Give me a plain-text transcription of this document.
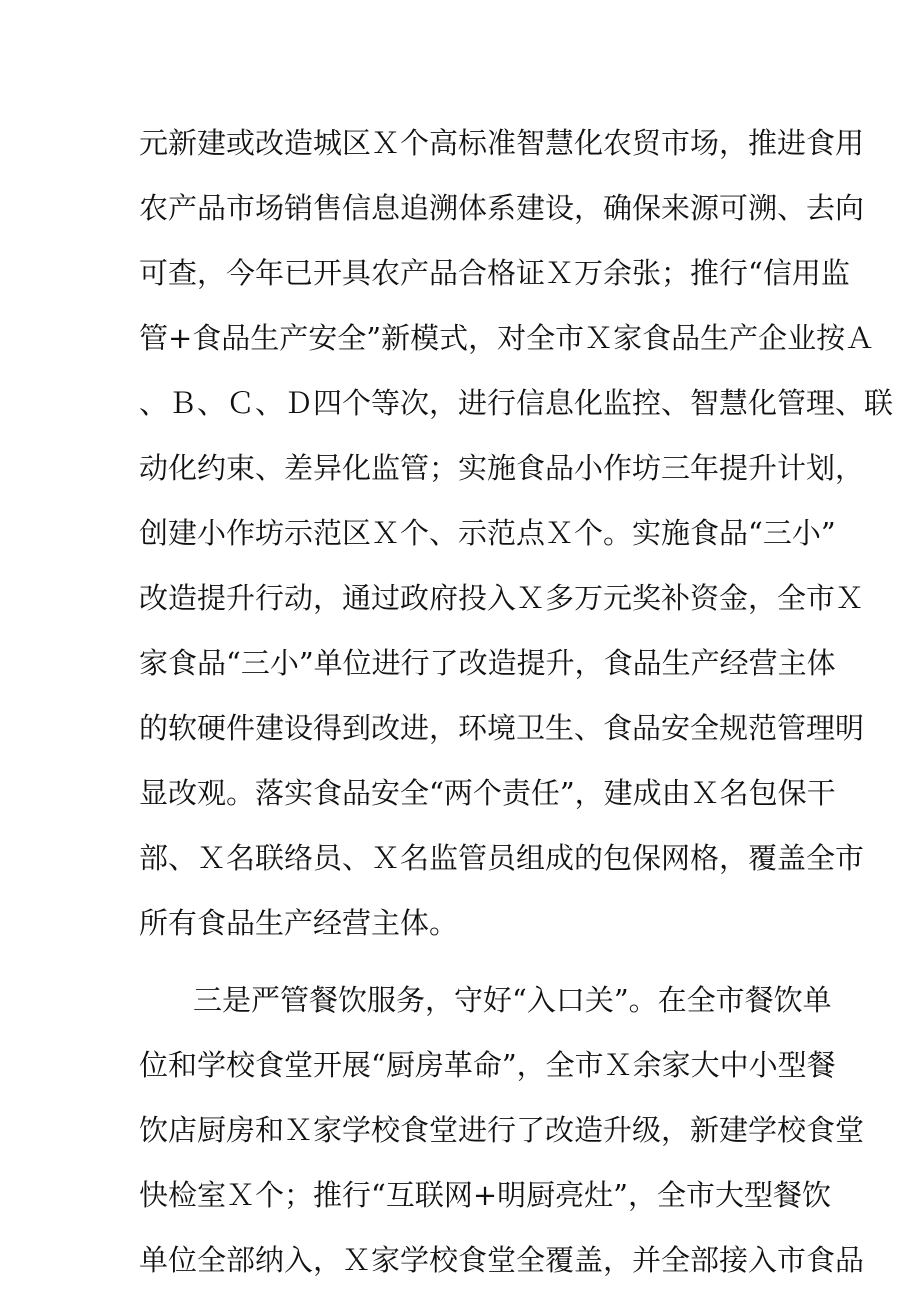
元新建或改造城区Ｘ个高标准智慧化农贸市场，推进食用
农产品市场销售信息追溯体系建设，确保来源可溯、去向
可查，今年已开具农产品合格证Ｘ万余张；推行“信用监
管+食品生产安全”新模式，对全市Ｘ家食品生产企业按Ａ
、Ｂ、Ｃ、Ｄ四个等次，进行信息化监控、智慧化管理、联
动化约束、差异化监管；实施食品小作坊三年提升计划，
创建小作坊示范区Ｘ个、示范点Ｘ个。实施食品“三小”
改造提升行动，通过政府投入Ｘ多万元奖补资金，全市Ｘ
家食品“三小”单位进行了改造提升，食品生产经营主体
的软硬件建设得到改进，环境卫生、食品安全规范管理明
显改观。落实食品安全“两个责任”，建成由Ｘ名包保干
部、Ｘ名联络员、Ｘ名监管员组成的包保网格，覆盖全市
所有食品生产经营主体。
三是严管餐饮服务，守好“入口关”。在全市餐饮单
位和学校食堂开展“厨房革命”，全市Ｘ余家大中小型餐
饮店厨房和Ｘ家学校食堂进行了改造升级，新建学校食堂
快检室Ｘ个；推行“互联网+明厨亮灶”，全市大型餐饮
单位全部纳入，Ｘ家学校食堂全覆盖，并全部接入市食品
